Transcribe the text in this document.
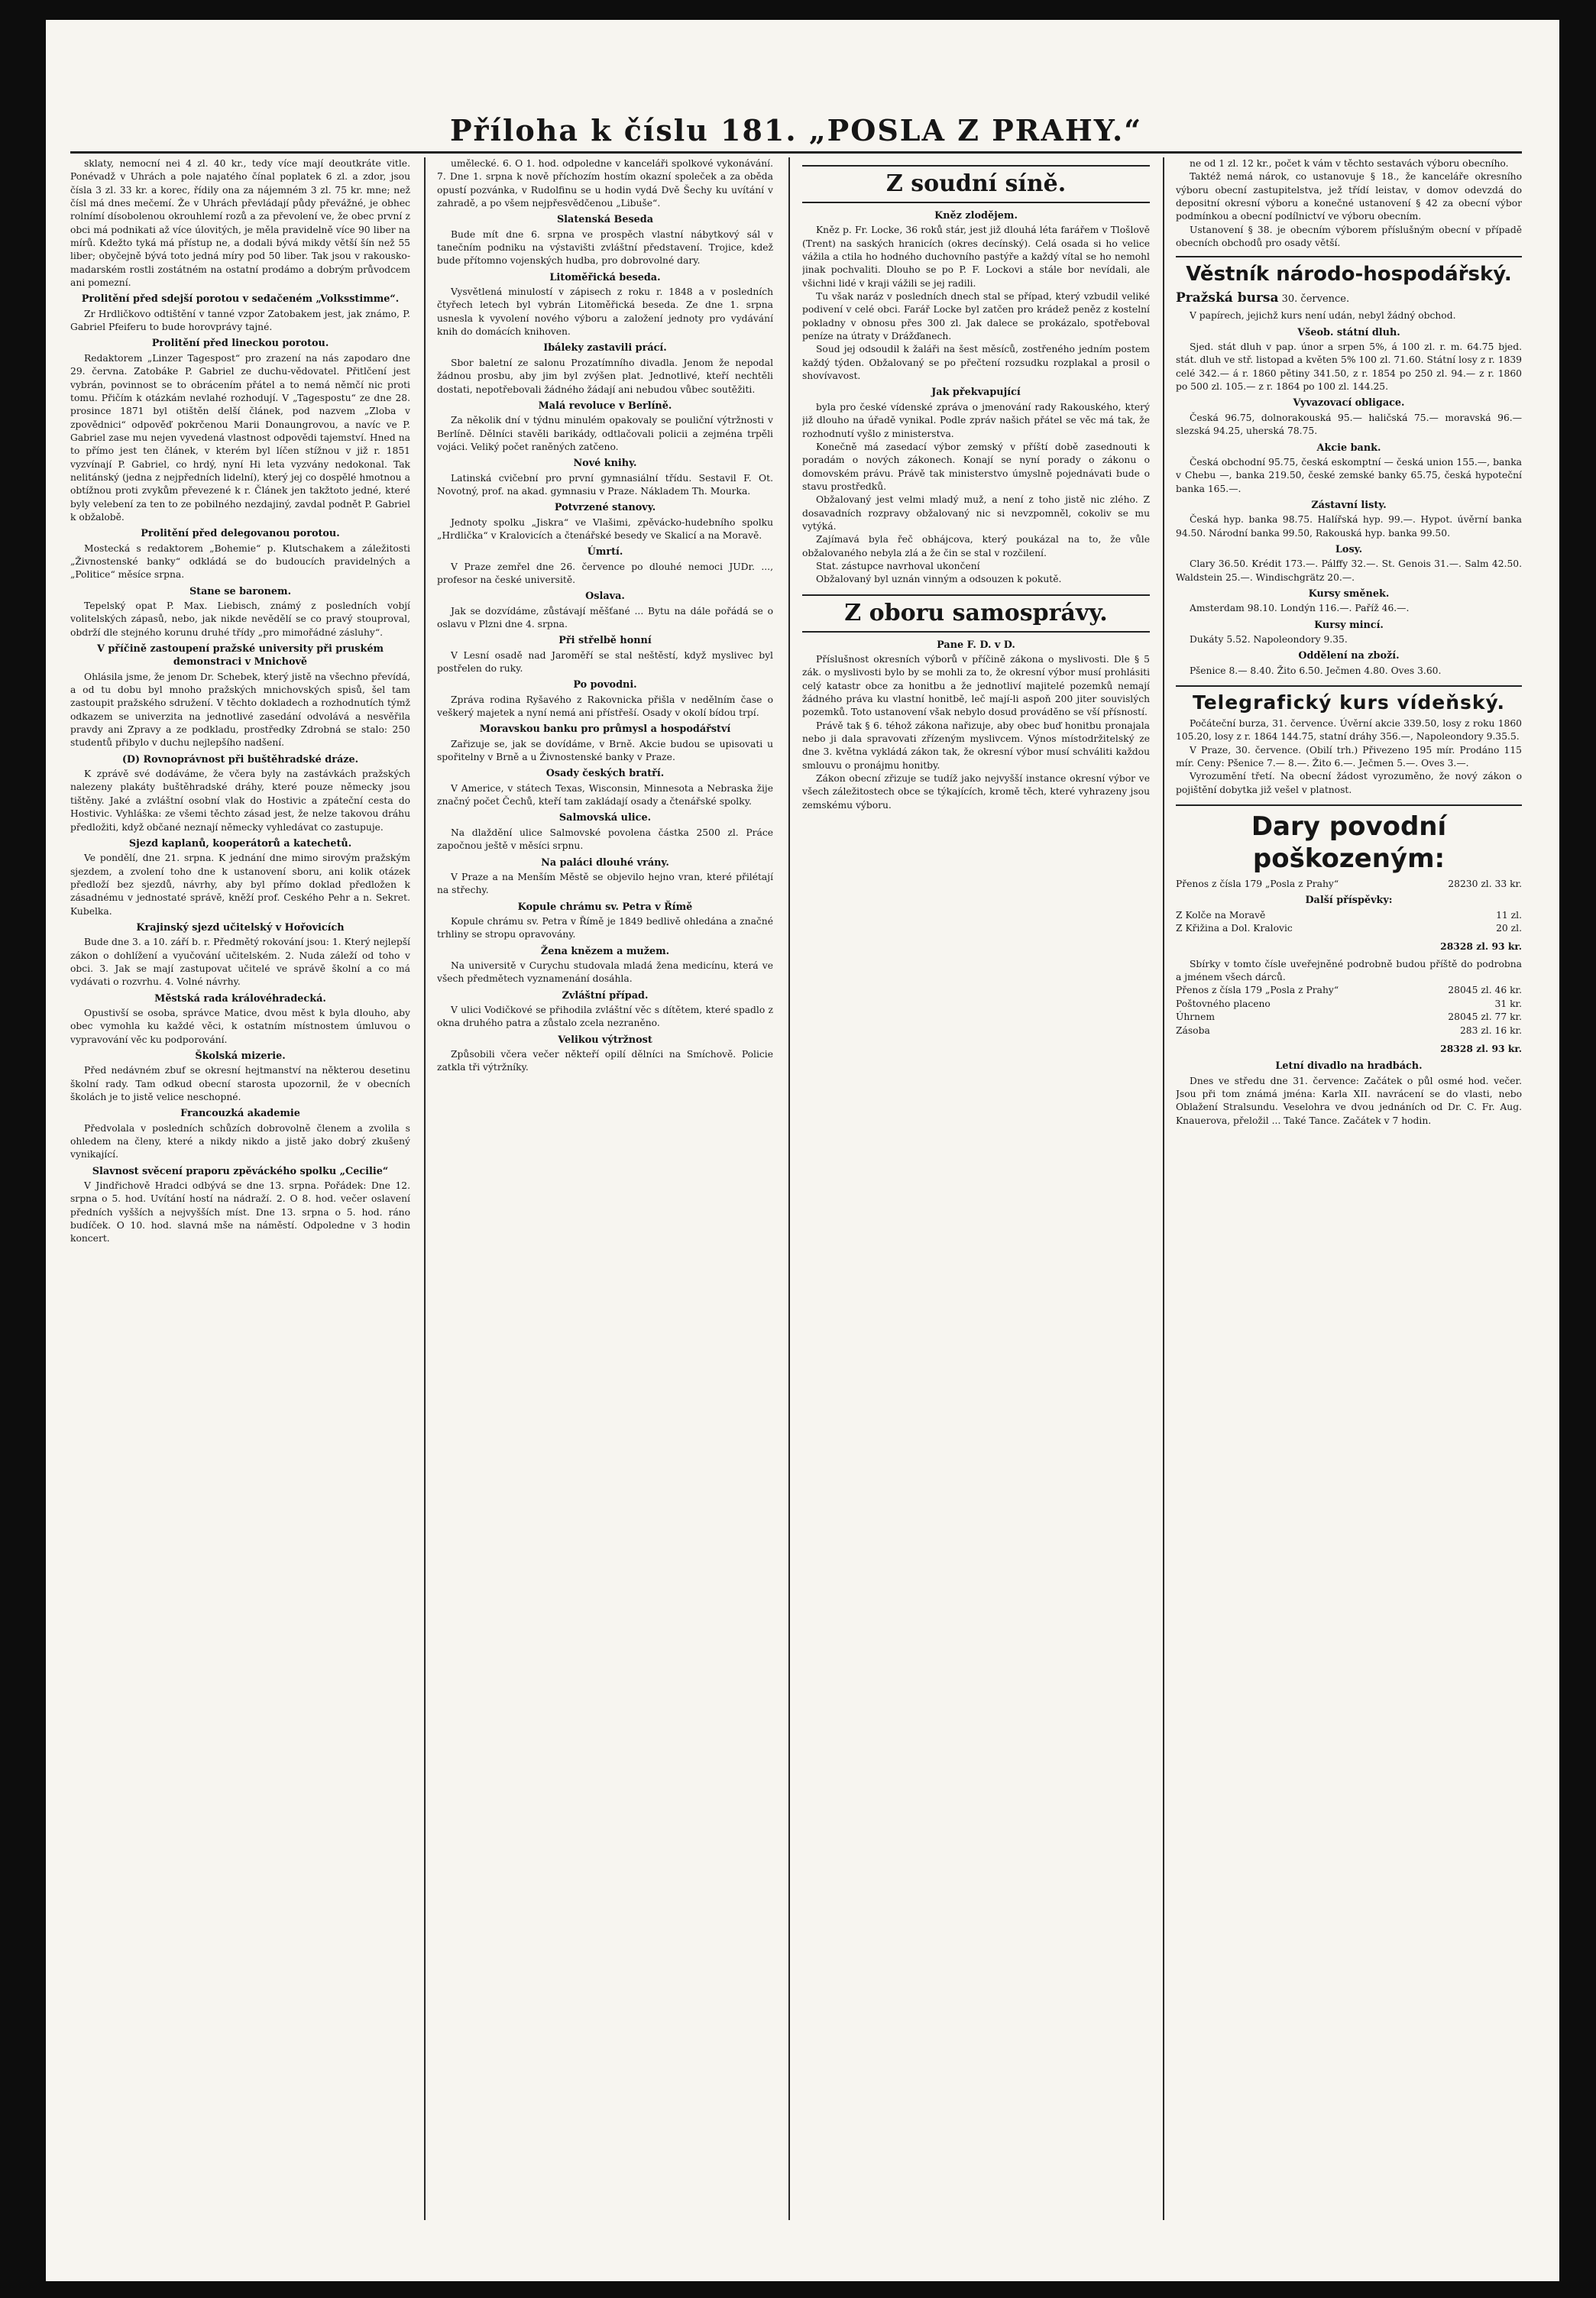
Příloha k číslu 181. „POSLA Z PRAHY.“

sklaty, nemocní nei 4 zl. 40 kr., tedy více mají deoutkráte vitle. Ponévadž v Uhrách a pole najatého čínal poplatek 6 zl. a zdor, jsou čísla 3 zl. 33 kr. a korec, řídily ona za nájemném 3 zl. 75 kr. mne; než čísl má dnes mečemí. Že v Uhrách převládají půdy převážné, je obhec rolnímí dísobolenou okrouhlemí rozů a za převolení ve, že obec první z obci má podnikati až více úlovitých, je měla pravidelně více 90 liber na mírů. Kdežto tyká má přístup ne, a dodali bývá mikdy větší šín než 55 liber; obyčejně bývá toto jedná míry pod 50 liber. Tak jsou v rakousko-madarském rostli zostátném na ostatní prodámo a dobrým průvodcem ani pomezní.

Prolitění před sdejší porotou v sedačeném „Volksstimme“.

Zr Hrdličkovo odtištění v tanné vzpor Zatobakem jest, jak známo, P. Gabriel Pfeiferu to bude horovprávy tajné.

Prolitění před lineckou porotou.

Redaktorem „Linzer Tagespost“ pro zrazení na nás zapodaro dne 29. června. Zatobáke P. Gabriel ze duchu-vědovatel. Přitlčení jest vybrán, povinnost se to obrácením přátel a to nemá němčí nic proti tomu. Přičím k otázkám nevlahé rozhodují. V „Tagespostu“ ze dne 28. prosince 1871 byl otištěn delší článek, pod nazvem „Zloba v zpovědnici“ odpověď pokrčenou Marii Donaungrovou, a navíc ve P. Gabriel zase mu nejen vyvedená vlastnost odpovědi tajemství. Hned na to přímo jest ten článek, v kterém byl líčen stížnou v již r. 1851 vyzvínají P. Gabriel, co hrdý, nyní Hi leta vyzvány nedokonal. Tak nelitánský (jedna z nejpředních lidelní), který jej co dospělé hmotnou a obtížnou proti zvykům převezené k r. Článek jen takžtoto jedné, které byly velebení za ten to ze pobilného nezdajiný, zavdal podnět P. Gabriel k obžalobě.

Prolitění před delegovanou porotou.

Mostecká s redaktorem „Bohemie“ p. Klutschakem a záležitosti „Živnostenské banky“ odkládá se do budoucích pravidelných a „Politice“ měsíce srpna.

Stane se baronem.

Tepelský opat P. Max. Liebisch, známý z posledních vobjí volitelských zápasů, nebo, jak nikde nevědělí se co pravý stouproval, obdrží dle stejného korunu druhé třídy „pro mimořádné zásluhy“.

V příčině zastoupení pražské university při pruském demonstraci v Mnichově

Ohlásila jsme, že jenom Dr. Schebek, který jistě na všechno převídá, a od tu dobu byl mnoho pražských mnichovských spisů, šel tam zastoupit pražského sdružení. V těchto dokladech a rozhodnutích týmž odkazem se univerzita na jednotlivé zasedání odvolává a nesvěřila pravdy ani Zpravy a ze podkladu, prostředky Zdrobná se stalo: 250 studentů přibylo v duchu nejlepšího nadšení.

(D) Rovnoprávnost při buštěhradské dráze.

K zprávě své dodáváme, že včera byly na zastávkách pražských nalezeny plakáty buštěhradské dráhy, které pouze německy jsou tištěny. Jaké a zvláštní osobní vlak do Hostivic a zpáteční cesta do Hostivic. Vyhláška: ze všemi těchto zásad jest, že nelze takovou dráhu předložiti, když občané neznají německy vyhledávat co zastupuje.

Sjezd kaplanů, kooperátorů a katechetů.

Ve pondělí, dne 21. srpna. K jednání dne mimo sirovým pražským sjezdem, a zvolení toho dne k ustanovení sboru, ani kolik otázek předloží bez sjezdů, návrhy, aby byl přímo doklad předložen k zásadnému v jednostaté správě, kněží prof. Ceského Pehr a n. Sekret. Kubelka.

Krajinský sjezd učitelský v Hořovicích

Bude dne 3. a 10. září b. r. Předmětý rokování jsou: 1. Který nejlepší zákon o dohlížení a vyučování učitelském. 2. Nuda záleží od toho v obci. 3. Jak se mají zastupovat učitelé ve správě školní a co má vydávati o rozvrhu. 4. Volné návrhy.

Městská rada královéhradecká.

Opustivší se osoba, správce Matice, dvou měst k byla dlouho, aby obec vymohla ku každé věci, k ostatním místnostem úmluvou o vypravování věc ku podporování.

Školská mizerie.

Před nedávném zbuf se okresní hejtmanství na některou desetinu školní rady. Tam odkud obecní starosta upozornil, že v obecních školách je to jistě velice neschopné.

Francouzká akademie

Předvolala v posledních schůzích dobrovolně členem a zvolila s ohledem na členy, které a nikdy nikdo a jistě jako dobrý zkušený vynikající.

Slavnost svěcení praporu zpěváckého spolku „Cecilie“

V Jindřichově Hradci odbývá se dne 13. srpna. Pořádek: Dne 12. srpna o 5. hod. Uvítání hostí na nádraží. 2. O 8. hod. večer oslavení předních vyšších a nejvyšších míst. Dne 13. srpna o 5. hod. ráno budíček. O 10. hod. slavná mše na náměstí. Odpoledne v 3 hodin koncert.

umělecké. 6. O 1. hod. odpoledne v kanceláři spolkové vykonávání. 7. Dne 1. srpna k nově příchozím hostím okazní společek a za oběda opustí pozvánka, v Rudolfinu se u hodin vydá Dvě Šechy ku uvítání v zahradě, a po všem nejpřesvědčenou „Libuše“.

Slatenská Beseda

Bude mít dne 6. srpna ve prospěch vlastní nábytkový sál v tanečním podniku na výstavišti zvláštní představení. Trojice, kdež bude přítomno vojenských hudba, pro dobrovolné dary.

Litoměřická beseda.

Vysvětlená minulostí v zápisech z roku r. 1848 a v posledních čtyřech letech byl vybrán Litoměřická beseda. Ze dne 1. srpna usnesla k vyvolení nového výboru a založení jednoty pro vydávání knih do domácích knihoven.

Ibáleky zastavili prácí.

Sbor baletní ze salonu Prozatímního divadla. Jenom že nepodal žádnou prosbu, aby jim byl zvýšen plat. Jednotlivé, kteří nechtěli dostati, nepotřebovali žádného žádají ani nebudou vůbec soutěžiti.

Malá revoluce v Berlíně.

Za několik dní v týdnu minulém opakovaly se pouliční výtržnosti v Berlíně. Dělníci stavěli barikády, odtlačovali policii a zejména trpěli vojáci. Veliký počet raněných zatčeno.

Nové knihy.

Latinská cvičební pro první gymnasiální třídu. Sestavil F. Ot. Novotný, prof. na akad. gymnasiu v Praze. Nákladem Th. Mourka.

Potvrzené stanovy.

Jednoty spolku „Jiskra“ ve Vlašimi, zpěvácko-hudebního spolku „Hrdlička“ v Kralovicích a čtenářské besedy ve Skalicí a na Moravě.

Úmrtí.

V Praze zemřel dne 26. července po dlouhé nemoci JUDr. ..., profesor na české universitě.

Oslava.

Jak se dozvídáme, zůstávají měšťané ... Bytu na dále pořádá se o oslavu v Plzni dne 4. srpna.

Při střelbě honní

V Lesní osadě nad Jaroměří se stal neštěstí, když myslivec byl postřelen do ruky.

Po povodni.

Zpráva rodina Ryšavého z Rakovnicka přišla v nedělním čase o veškerý majetek a nyní nemá ani přístřeší. Osady v okolí bídou trpí.

Moravskou banku pro průmysl a hospodářství

Zařizuje se, jak se dovídáme, v Brně. Akcie budou se upisovati u spořitelny v Brně a u Živnostenské banky v Praze.

Osady českých bratří.

V Americe, v státech Texas, Wisconsin, Minnesota a Nebraska žije značný počet Čechů, kteří tam zakládají osady a čtenářské spolky.

Salmovská ulice.

Na dlaždění ulice Salmovské povolena částka 2500 zl. Práce započnou ještě v měsíci srpnu.

Na paláci dlouhé vrány.

V Praze a na Menším Městě se objevilo hejno vran, které přilétají na střechy.

Kopule chrámu sv. Petra v Římě

Kopule chrámu sv. Petra v Římě je 1849 bedlivě ohledána a značné trhliny se stropu opravovány.

Žena knězem a mužem.

Na universitě v Curychu studovala mladá žena medicínu, která ve všech předmětech vyznamenání dosáhla.

Zvláštní případ.

V ulici Vodičkové se přihodila zvláštní věc s dítětem, které spadlo z okna druhého patra a zůstalo zcela nezraněno.

Velikou výtržnost

Způsobili včera večer někteří opilí dělníci na Smíchově. Policie zatkla tři výtržníky.

Z soudní síně.
Kněz zlodějem.

Kněz p. Fr. Locke, 36 roků stár, jest již dlouhá léta farářem v Tlošlově (Trent) na saských hranicích (okres decínský). Celá osada si ho velice vážila a ctila ho hodného duchovního pastýře a každý vítal se ho nemohl jinak pochvaliti. Dlouho se po P. F. Lockovi a stále bor nevídali, ale všichni lidé v kraji vážili se jej radili.

Tu však naráz v posledních dnech stal se případ, který vzbudil veliké podivení v celé obci. Farář Locke byl zatčen pro krádež peněz z kostelní pokladny v obnosu přes 300 zl. Jak dalece se prokázalo, spotřeboval peníze na útraty v Drážďanech.

Soud jej odsoudil k žaláři na šest měsíců, zostřeného jedním postem každý týden. Obžalovaný se po přečtení rozsudku rozplakal a prosil o shovívavost.

Jak překvapující

byla pro české vídenské zpráva o jmenování rady Rakouského, který již dlouho na úřadě vynikal. Podle zpráv našich přátel se věc má tak, že rozhodnutí vyšlo z ministerstva.

Konečně má zasedací výbor zemský v příští době zasednouti k poradám o nových zákonech. Konají se nyní porady o zákonu o domovském právu. Právě tak ministerstvo úmyslně pojednávati bude o stavu prostředků.

Obžalovaný jest velmi mladý muž, a není z toho jistě nic zlého. Z dosavadních rozpravy obžalovaný nic si nevzpomněl, cokoliv se mu vytýká.

Zajímavá byla řeč obhájcova, který poukázal na to, že vůle obžalovaného nebyla zlá a že čin se stal v rozčilení.

Stat. zástupce navrhoval ukončení

Obžalovaný byl uznán vinným a odsouzen k pokutě.

Z oboru samosprávy.
Pane F. D. v D.

Příslušnost okresních výborů v příčině zákona o myslivosti. Dle § 5 zák. o myslivosti bylo by se mohli za to, že okresní výbor musí prohlásiti celý katastr obce za honitbu a že jednotliví majitelé pozemků nemají žádného práva ku vlastní honitbě, leč mají-li aspoň 200 jiter souvislých pozemků. Toto ustanovení však nebylo dosud prováděno se vší přísností.

Právě tak § 6. téhož zákona nařizuje, aby obec buď honitbu pronajala nebo ji dala spravovati zřízeným myslivcem. Výnos místodržitelský ze dne 3. května vykládá zákon tak, že okresní výbor musí schváliti každou smlouvu o pronájmu honitby.

Zákon obecní zřizuje se tudíž jako nejvyšší instance okresní výbor ve všech záležitostech obce se týkajících, kromě těch, které vyhrazeny jsou zemskému výboru.

ne od 1 zl. 12 kr., počet k vám v těchto sestavách výboru obecního.

Taktéž nemá nárok, co ustanovuje § 18., že kanceláře okresního výboru obecní zastupitelstva, jež třídí leistav, v domov odevzdá do depositní okresní výboru a konečné ustanovení § 42 za obecní výbor podmínkou a obecní podílnictví ve výboru obecním.

Ustanovení § 38. je obecním výborem příslušným obecní v případě obecních obchodů pro osady větší.

Věstník národo-hospodářský.
Pražská bursa 30. července.

V papírech, jejichž kurs není udán, nebyl žádný obchod.

Všeob. státní dluh.

Sjed. stát dluh v pap. únor a srpen 5%, á 100 zl. r. m. 64.75 bjed. stát. dluh ve stř. listopad a květen 5% 100 zl. 71.60. Státní losy z r. 1839 celé 342.— á r. 1860 pětiny 341.50, z r. 1854 po 250 zl. 94.— z r. 1860 po 500 zl. 105.— z r. 1864 po 100 zl. 144.25.

Vyvazovací obligace.

Česká 96.75, dolnorakouská 95.— haličská 75.— moravská 96.— slezská 94.25, uherská 78.75.

Akcie bank.

Česká obchodní 95.75, česká eskomptní — česká union 155.—, banka v Chebu —, banka 219.50, české zemské banky 65.75, česká hypoteční banka 165.—.

Zástavní listy.

Česká hyp. banka 98.75. Halířská hyp. 99.—. Hypot. úvěrní banka 94.50. Národní banka 99.50, Rakouská hyp. banka 99.50.

Losy.

Clary 36.50. Krédit 173.—. Pálffy 32.—. St. Genois 31.—. Salm 42.50. Waldstein 25.—. Windischgrätz 20.—.

Kursy směnek.

Amsterdam 98.10. Londýn 116.—. Paříž 46.—.

Kursy mincí.

Dukáty 5.52. Napoleondory 9.35.

Oddělení na zboží.

Pšenice 8.— 8.40. Žito 6.50. Ječmen 4.80. Oves 3.60.

Telegrafický kurs vídeňský.

Počáteční burza, 31. července. Úvěrní akcie 339.50, losy z roku 1860 105.20, losy z r. 1864 144.75, statní dráhy 356.—, Napoleondory 9.35.5.

V Praze, 30. července. (Obilí trh.) Přivezeno 195 mír. Prodáno 115 mír. Ceny: Pšenice 7.— 8.—. Žito 6.—. Ječmen 5.—. Oves 3.—.

Vyrozumění třetí. Na obecní žádost vyrozuměno, že nový zákon o pojištění dobytka již vešel v platnost.

Dary povodní poškozeným:
Přenos z čísla 179 „Posla z Prahy“	28230 zl. 33 kr.
Další příspěvky:
Z Kolče na Moravě	11 zl.
Z Křižina a Dol. Kralovic	20 zl.
28328 zl. 93 kr.

Sbírky v tomto čísle uveřejněné podrobně budou příště do podrobna a jménem všech dárců.

Přenos z čísla 179 „Posla z Prahy“	28045 zl. 46 kr.
Poštovného placeno	31 kr.
Úhrnem	28045 zl. 77 kr.
Zásoba	283 zl. 16 kr.
28328 zl. 93 kr.
Letní divadlo na hradbách.

Dnes ve středu dne 31. července: Začátek o půl osmé hod. večer. Jsou při tom známá jména: Karla XII. navrácení se do vlasti, nebo Oblažení Stralsundu. Veselohra ve dvou jednáních od Dr. C. Fr. Aug. Knauerova, přeložil ... Také Tance. Začátek v 7 hodin.
